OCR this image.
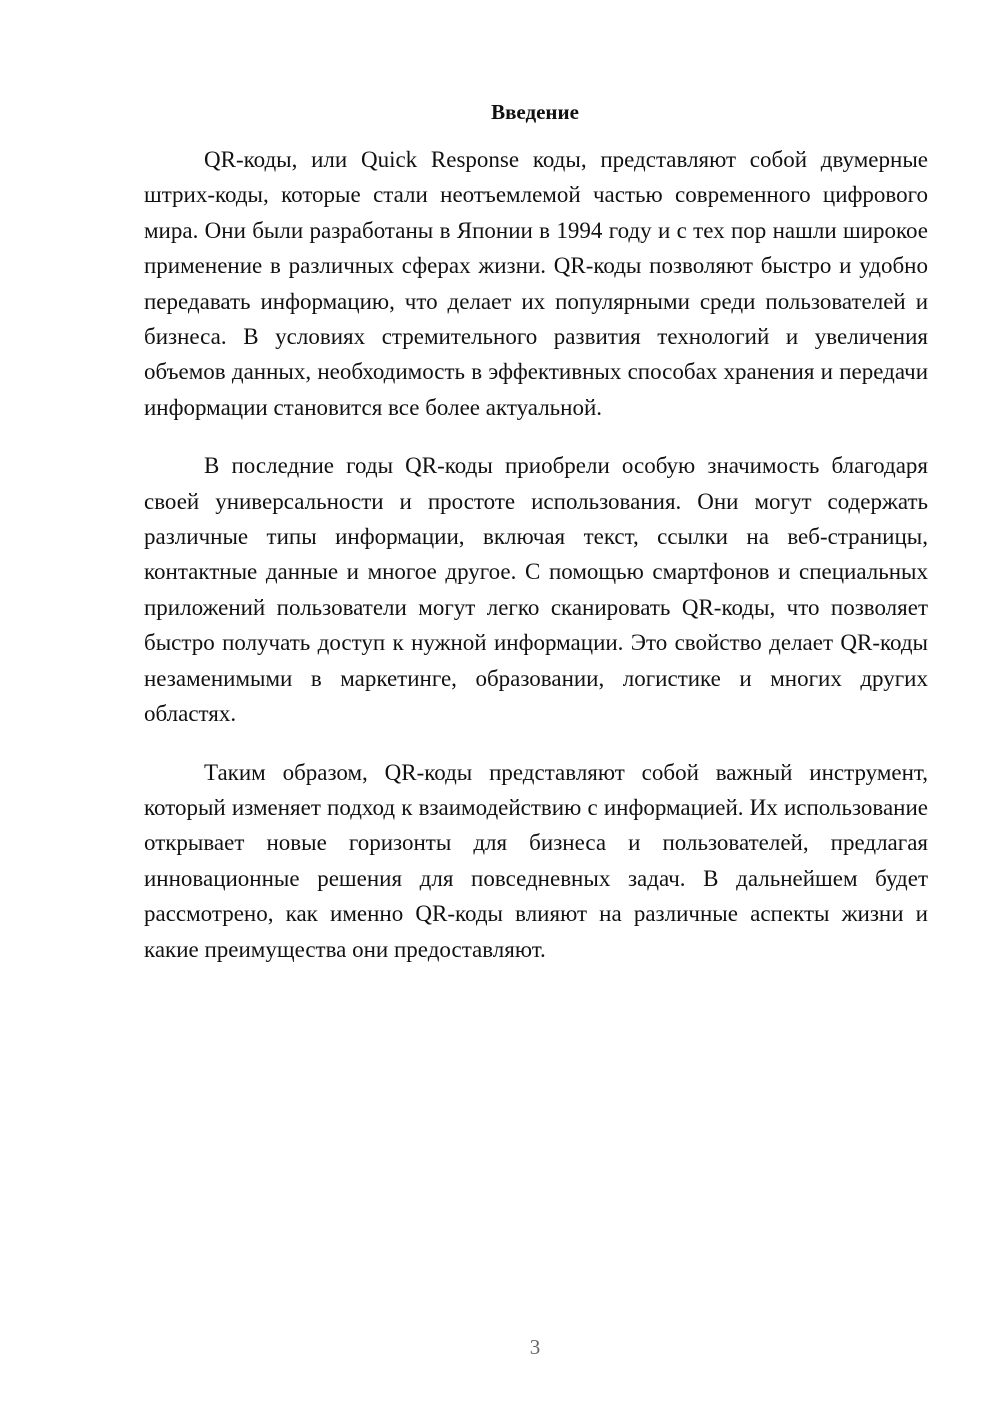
Введение

QR-коды, или Quick Response коды, представляют собой двумерные штрих-коды, которые стали неотъемлемой частью современного цифрового мира. Они были разработаны в Японии в 1994 году и с тех пор нашли широкое применение в различных сферах жизни. QR-коды позволяют быстро и удобно передавать информацию, что делает их популярными среди пользователей и бизнеса. В условиях стремительного развития технологий и увеличения объемов данных, необходимость в эффективных способах хранения и передачи информации становится все более актуальной.

В последние годы QR-коды приобрели особую значимость благодаря своей универсальности и простоте использования. Они могут содержать различные типы информации, включая текст, ссылки на веб-страницы, контактные данные и многое другое. С помощью смартфонов и специальных приложений пользователи могут легко сканировать QR-коды, что позволяет быстро получать доступ к нужной информации. Это свойство делает QR-коды незаменимыми в маркетинге, образовании, логистике и многих других областях.

Таким образом, QR-коды представляют собой важный инструмент, который изменяет подход к взаимодействию с информацией. Их использование открывает новые горизонты для бизнеса и пользователей, предлагая инновационные решения для повседневных задач. В дальнейшем будет рассмотрено, как именно QR-коды влияют на различные аспекты жизни и какие преимущества они предоставляют.

3
